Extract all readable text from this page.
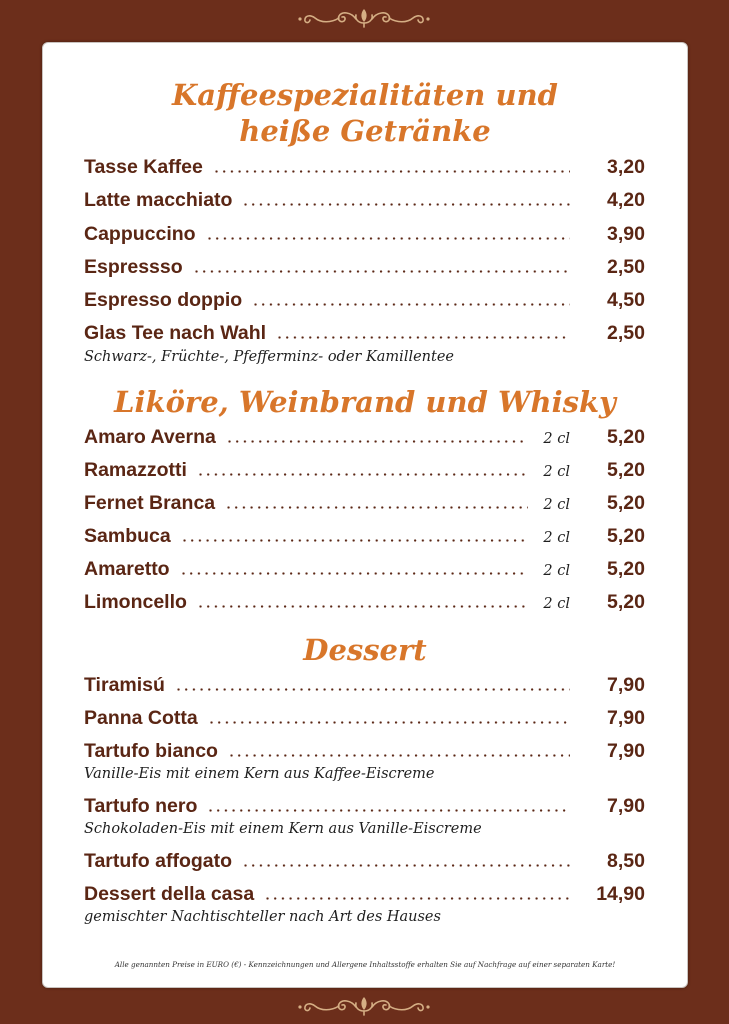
Kaffeespezialitäten und
heiße Getränke
Tasse Kaffee	3,20
Latte macchiato	4,20
Cappuccino	3,90
Espressso	2,50
Espresso doppio	4,50
Glas Tee nach Wahl	2,50
Schwarz-, Früchte-, Pfefferminz- oder Kamillentee
Liköre, Weinbrand und Whisky
Amaro Averna	2 cl	5,20
Ramazzotti	2 cl	5,20
Fernet Branca	2 cl	5,20
Sambuca	2 cl	5,20
Amaretto	2 cl	5,20
Limoncello	2 cl	5,20
Dessert
Tiramisú	7,90
Panna Cotta	7,90
Tartufo bianco	7,90
Vanille-Eis mit einem Kern aus Kaffee-Eiscreme
Tartufo nero	7,90
Schokoladen-Eis mit einem Kern aus Vanille-Eiscreme
Tartufo affogato	8,50
Dessert della casa	14,90
gemischter Nachtischteller nach Art des Hauses
Alle genannten Preise in EURO (€) - Kennzeichnungen und Allergene Inhaltsstoffe erhalten Sie auf Nachfrage auf einer separaten Karte!
